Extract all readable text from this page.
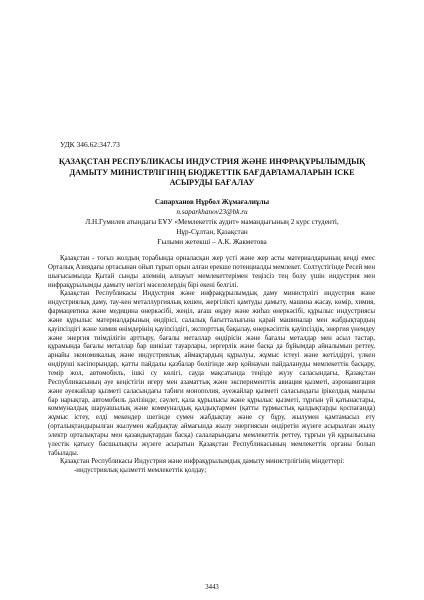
УДК 346.62:347.73
ҚАЗАҚСТАН РЕСПУБЛИКАСЫ ИНДУСТРИЯ ЖӘНЕ ИНФРАҚҰРЫЛЫМДЫҚ
ДАМЫТУ МИНИСТРЛІГІНІҢ БЮДЖЕТТІК БАҒДАРЛАМАЛАРЫН ІСКЕ
АСЫРУДЫ БАҒАЛАУ
Сапарханов Нұрбол Жұмағалиұлы
n.saparkhanov23@bk.ru
Л.Н.Гумилев атындағы ЕҰУ «Мемлекеттік аудит» мамандығының 2 курс студенті,
Нұр-Сұлтан, Қазақстан
Ғылыми жетекші – А.К. Жакметова

Қазақстан - тоғыз жолдың торабында орналасқан жер үсті және жер асты материалдарының кенді емес Орталық Азиядағы ортасынан ойып тұрып орын алған ерекше потенциалды мемлекет. Солтүстігінде Ресей мен шығысымызда Қытай сынды алемнің алпауыт мемлекеттерімен теңізсіз тең болу үшін индустрия мен инфрақұрылымды дамыту негізгі мәселелердің бірі екені белгілі.

Қазақстан Республикасы Индустрия және инфрақұрылымдық даму министрлігі индустрия және индустриялық даму, тау-кен металлургиялық кешен, жергілікті қамтуды дамыту, машина жасау, көмір, химия, фармацевтика және медицина өнеркәсібі, жеңіл, ағаш өңдеу және жиһаз өнеркәсібі, құрылыс индустриясы және құрылыс материалдарының өндірісі, салалық бағытталығына қарай машиналар мен жабдықтардың қауіпсіздігі және химия өнімдерінің қауіпсіздігі, экспорттық бақылау, өнеркәсіптік қауіпсіздік, энергия үнемдеу және энергия тиімділігін арттыру, бағалы металлар өндірісін және бағалы металдар мен асыл тастар, құрамында бағалы металлар бар шикізат тауарлары, зергерлік және басқа да бұйымдар айналымын реттеу, арнайы экономикалық және индустриялық аймақтардың құрылуы, жұмыс істеуі және жетілдіруі, үлкен өндіруші кәсіпорындар, қатты пайдалы қазбалар бөлігінде жер қойнауын пайдалануды мемлекеттік басқару, темір жол, автомобиль, ішкі су көлігі, сауда мақсатында теңізде жүзу саласындағы, Қазақстан Республикасының әуе кеңістігін игеру мен азаматтық және эксперименттік авиация қызметі, аэронавигация және әуежайлар қызметі саласындағы табиғи монополия, әуежайлар қызметі саласындағы ірікелдық маңызы бар нарықтар, автомобиль дәлізінде; сәулет, қала құрылысы және құрылыс қызметі, тұрғын үй қатынастары, коммуналдық шаруашылық және коммуналдық қалдықтармен (қатты тұрмыстық қалдықтарды қоспағанда) жұмыс істеу, елді мекендер шегінде сумен жабдықтау және су бұру, жылумен қамтамасыз ету (орталықтандырылған жылумен жабдықтау аймағында жылу энергиясын өндіретін жүзеге асырылған жылу электр орталықтары мен қазандықтардан басқа) салаларындағы мемлекеттік реттеу, тұрғын үй құрылысына үлестік қатысу басшылықты жүзеге асыратын Қазақстан Республикасының мемлекеттік органы болып табылады.

Қазақстан Республикасы Индустрия және инфрақұрылымдық дамыту министрлігінің міндеттері:

-индустриялық қызметті мемлекеттік қолдау;

3443
